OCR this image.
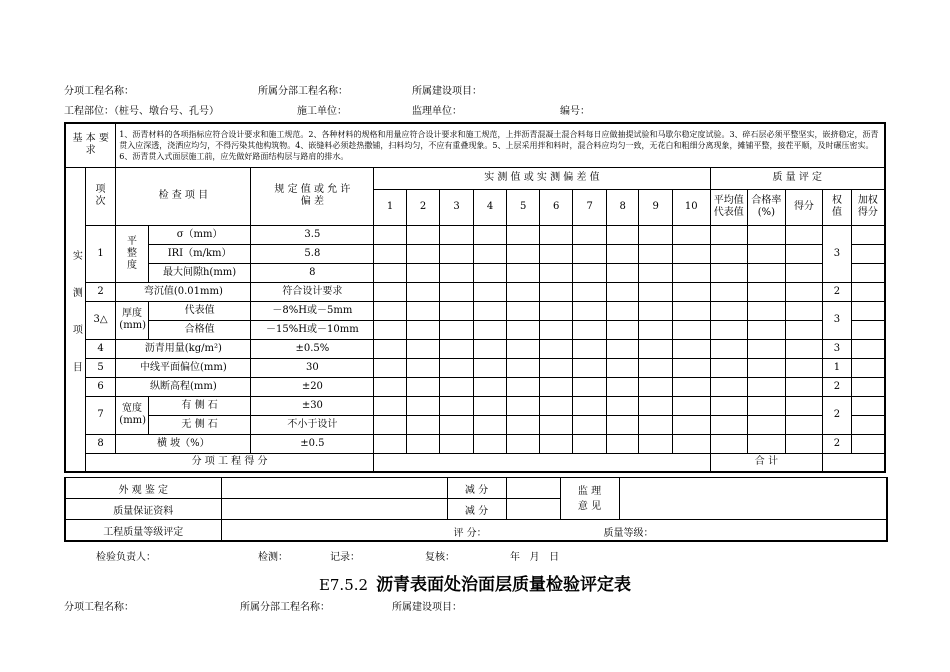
分项工程名称：	所属分部工程名称：	所属建设项目：
工程部位：（桩号、墩台号、孔号）	施工单位：	监理单位：	编号：
基 本 要 求		1、沥青材料的各项指标应符合设计要求和施工规范。2、各种材料的规格和用量应符合设计要求和施工规范，上拌沥青混凝土混合料每日应做抽提试验和马歇尔稳定度试验。3、碎石层必须平整坚实，嵌挤稳定，沥青贯入应深透，浇洒应均匀，不得污染其他构筑物。4、嵌缝料必须趁热撒铺，扫料均匀，不应有重叠现象。5、上层采用拌和料时，混合料应均匀一致，无花白和粗细分离现象，摊铺平整，接茬平顺，及时碾压密实。6、沥青贯入式面层施工前，应先做好路面结构层与路肩的排水。																	
实 测 项 目	项 次	检 查 项 目		规 定 值 或 允 许 偏 差	实 测 值 或 实 测 偏 差 值										质 量 评 定				
					1	2	3	4	5	6	7	8	9	10	平均值代表值	合格率(%)	得分	权值	加权得分
	1	平整度	σ（mm）	3.5														3	
			IRI（m/km）	5.8															
			最大间隙h(mm)	8															
	2	弯沉值(0.01mm)		符合设计要求														2	
	3△	厚度(mm)	代表值	－8%H或－5mm														3	
			合格值	－15%H或－10mm															
	4	沥青用量(kg/m²)		±0.5%														3	
	5	中线平面偏位(mm)		30														1	
	6	纵断高程(mm)		±20														2	
	7	宽度(mm)	有 侧 石	±30														2	
			无 侧 石	不小于设计															
	8	横 坡（%）		±0.5														2	
	分 项 工 程 得 分														合 计				
外 观 鉴 定		减 分		监 理 意 见	
质量保证资料		减 分			
工程质量等级评定	评 分： 质量等级：				
检验负责人：	检测：	记录：	复核：	年   月   日
E7.5.2 沥青表面处治面层质量检验评定表
分项工程名称：	所属分部工程名称：	所属建设项目：
